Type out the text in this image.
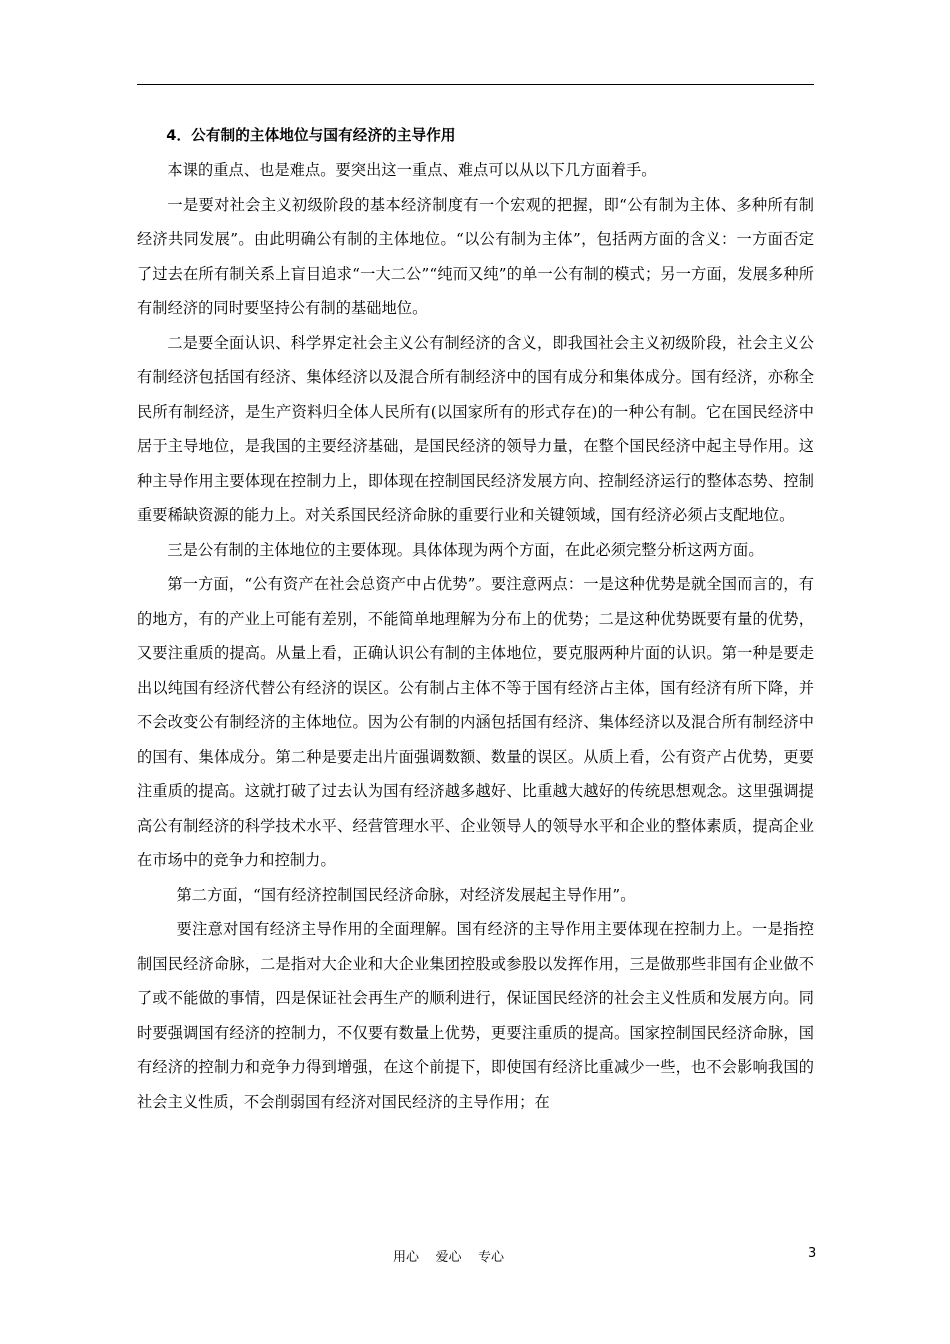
4．公有制的主体地位与国有经济的主导作用

本课的重点、也是难点。要突出这一重点、难点可以从以下几方面着手。

一是要对社会主义初级阶段的基本经济制度有一个宏观的把握，即“公有制为主体、多种所有制经济共同发展”。由此明确公有制的主体地位。“以公有制为主体”，包括两方面的含义：一方面否定了过去在所有制关系上盲目追求“一大二公”“纯而又纯”的单一公有制的模式；另一方面，发展多种所有制经济的同时要坚持公有制的基础地位。

二是要全面认识、科学界定社会主义公有制经济的含义，即我国社会主义初级阶段，社会主义公有制经济包括国有经济、集体经济以及混合所有制经济中的国有成分和集体成分。国有经济，亦称全民所有制经济，是生产资料归全体人民所有(以国家所有的形式存在)的一种公有制。它在国民经济中居于主导地位，是我国的主要经济基础，是国民经济的领导力量，在整个国民经济中起主导作用。这种主导作用主要体现在控制力上，即体现在控制国民经济发展方向、控制经济运行的整体态势、控制重要稀缺资源的能力上。对关系国民经济命脉的重要行业和关键领域，国有经济必须占支配地位。

三是公有制的主体地位的主要体现。具体体现为两个方面，在此必须完整分析这两方面。

第一方面，“公有资产在社会总资产中占优势”。要注意两点：一是这种优势是就全国而言的，有的地方，有的产业上可能有差别，不能简单地理解为分布上的优势；二是这种优势既要有量的优势，又要注重质的提高。从量上看，正确认识公有制的主体地位，要克服两种片面的认识。第一种是要走出以纯国有经济代替公有经济的误区。公有制占主体不等于国有经济占主体，国有经济有所下降，并不会改变公有制经济的主体地位。因为公有制的内涵包括国有经济、集体经济以及混合所有制经济中的国有、集体成分。第二种是要走出片面强调数额、数量的误区。从质上看，公有资产占优势，更要注重质的提高。这就打破了过去认为国有经济越多越好、比重越大越好的传统思想观念。这里强调提高公有制经济的科学技术水平、经营管理水平、企业领导人的领导水平和企业的整体素质，提高企业在市场中的竞争力和控制力。

第二方面，“国有经济控制国民经济命脉，对经济发展起主导作用”。

要注意对国有经济主导作用的全面理解。国有经济的主导作用主要体现在控制力上。一是指控制国民经济命脉，二是指对大企业和大企业集团控股或参股以发挥作用，三是做那些非国有企业做不了或不能做的事情，四是保证社会再生产的顺利进行，保证国民经济的社会主义性质和发展方向。同时要强调国有经济的控制力，不仅要有数量上优势，更要注重质的提高。国家控制国民经济命脉，国有经济的控制力和竞争力得到增强，在这个前提下，即使国有经济比重减少一些，也不会影响我国的社会主义性质，不会削弱国有经济对国民经济的主导作用；在

用心    爱心    专心	3
